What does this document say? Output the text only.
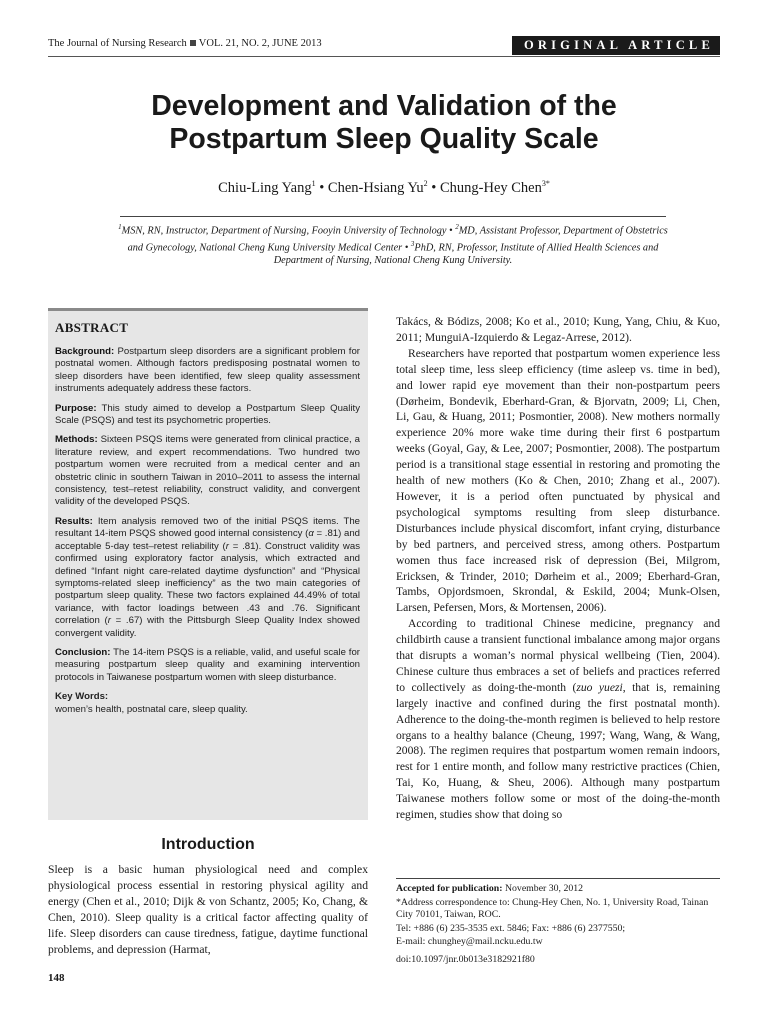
The Journal of Nursing Research VOL. 21, NO. 2, JUNE 2013	ORIGINAL ARTICLE
Development and Validation of the
Postpartum Sleep Quality Scale
Chiu-Ling Yang$^1$ • Chen-Hsiang Yu$^2$ • Chung-Hey Chen$^{3*}$
$^1$MSN, RN, Instructor, Department of Nursing, Fooyin University of Technology • $^2$MD, Assistant Professor, Department of Obstetrics and Gynecology, National Cheng Kung University Medical Center • $^3$PhD, RN, Professor, Institute of Allied Health Sciences and Department of Nursing, National Cheng Kung University.
ABSTRACT

Background: Postpartum sleep disorders are a significant problem for postnatal women. Although factors predisposing postnatal women to sleep disorders have been identified, few sleep quality assessment instruments adequately address these factors.

Purpose: This study aimed to develop a Postpartum Sleep Quality Scale (PSQS) and test its psychometric properties.

Methods: Sixteen PSQS items were generated from clinical practice, a literature review, and expert recommendations. Two hundred two postpartum women were recruited from a medical center and an obstetric clinic in southern Taiwan in 2010–2011 to assess the internal consistency, test–retest reliability, construct validity, and convergent validity of the developed PSQS.

Results: Item analysis removed two of the initial PSQS items. The resultant 14-item PSQS showed good internal consistency (α = .81) and acceptable 5-day test–retest reliability (r = .81). Construct validity was confirmed using exploratory factor analysis, which extracted and defined “Infant night care-related daytime dysfunction” and “Physical symptoms-related sleep inefficiency” as the two main categories of postpartum sleep quality. These two factors explained 44.49% of total variance, with factor loadings between .43 and .76. Significant correlation (r = .67) with the Pittsburgh Sleep Quality Index showed convergent validity.

Conclusion: The 14-item PSQS is a reliable, valid, and useful scale for measuring postpartum sleep quality and examining intervention protocols in Taiwanese postpartum women with sleep disturbance.

Key Words:
women’s health, postnatal care, sleep quality.

Introduction
Sleep is a basic human physiological need and complex physiological process essential in restoring physical agility and energy (Chen et al., 2010; Dijk & von Schantz, 2005; Ko, Chang, & Chen, 2010). Sleep quality is a critical factor affecting quality of life. Sleep disorders can cause tiredness, fatigue, daytime functional problems, and depression (Harmat,

Takács, & Bódizs, 2008; Ko et al., 2010; Kung, Yang, Chiu, & Kuo, 2011; MunguiA-Izquierdo & Legaz-Arrese, 2012).

Researchers have reported that postpartum women experience less total sleep time, less sleep efficiency (time asleep vs. time in bed), and lower rapid eye movement than their non-postpartum peers (Dørheim, Bondevik, Eberhard-Gran, & Bjorvatn, 2009; Li, Chen, Li, Gau, & Huang, 2011; Posmontier, 2008). New mothers normally experience 20% more wake time during their first 6 postpartum weeks (Goyal, Gay, & Lee, 2007; Posmontier, 2008). The postpartum period is a transitional stage essential in restoring and promoting the health of new mothers (Ko & Chen, 2010; Zhang et al., 2007). However, it is a period often punctuated by physical and psychological symptoms resulting from sleep disturbance. Disturbances include physical discomfort, infant crying, disturbance by bed partners, and perceived stress, among others. Postpartum women thus face increased risk of depression (Bei, Milgrom, Ericksen, & Trinder, 2010; Dørheim et al., 2009; Eberhard-Gran, Tambs, Opjordsmoen, Skrondal, & Eskild, 2004; Munk-Olsen, Larsen, Pefersen, Mors, & Mortensen, 2006).

According to traditional Chinese medicine, pregnancy and childbirth cause a transient functional imbalance among major organs that disrupts a woman’s normal physical wellbeing (Tien, 2004). Chinese culture thus embraces a set of beliefs and practices referred to collectively as doing-the-month (zuo yuezi, that is, remaining largely inactive and confined during the first postnatal month). Adherence to the doing-the-month regimen is believed to help restore organs to a healthy balance (Cheung, 1997; Wang, Wang, & Wang, 2008). The regimen requires that postpartum women remain indoors, rest for 1 entire month, and follow many restrictive practices (Chien, Tai, Ko, Huang, & Sheu, 2006). Although many postpartum Taiwanese mothers follow some or most of the doing-the-month regimen, studies show that doing so

Accepted for publication: November 30, 2012
*Address correspondence to: Chung-Hey Chen, No. 1, University Road, Tainan City 70101, Taiwan, ROC.
Tel: +886 (6) 235-3535 ext. 5846; Fax: +886 (6) 2377550;
E-mail: chunghey@mail.ncku.edu.tw
doi:10.1097/jnr.0b013e3182921f80
148
